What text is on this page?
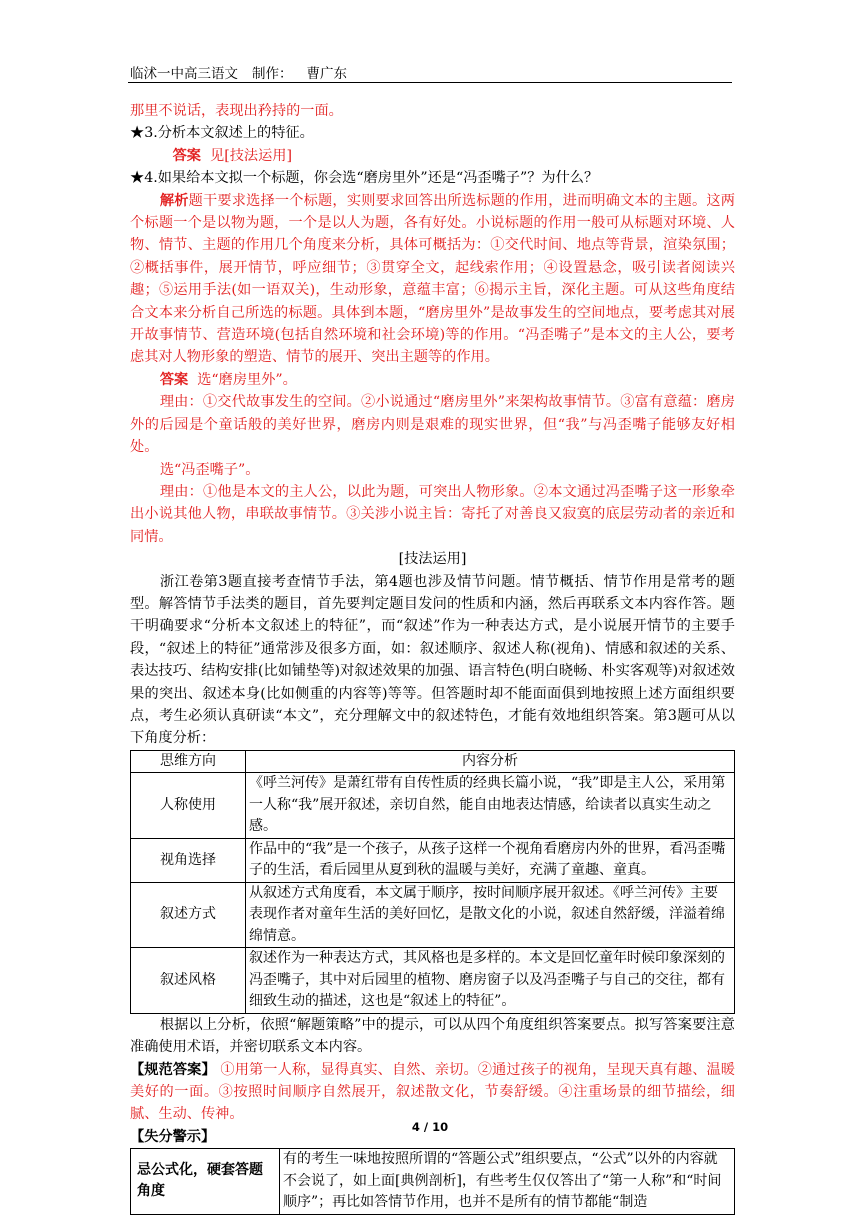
临沭一中高三语文 制作： 曹广东

那里不说话，表现出矜持的一面。

★3.分析本文叙述上的特征。

答案 见[技法运用]

★4.如果给本文拟一个标题，你会选“磨房里外”还是“冯歪嘴子”？为什么？

解析题干要求选择一个标题，实则要求回答出所选标题的作用，进而明确文本的主题。这两个标题一个是以物为题，一个是以人为题，各有好处。小说标题的作用一般可从标题对环境、人物、情节、主题的作用几个角度来分析，具体可概括为：①交代时间、地点等背景，渲染氛围；②概括事件，展开情节，呼应细节；③贯穿全文，起线索作用；④设置悬念，吸引读者阅读兴趣；⑤运用手法(如一语双关)，生动形象，意蕴丰富；⑥揭示主旨，深化主题。可从这些角度结合文本来分析自己所选的标题。具体到本题，“磨房里外”是故事发生的空间地点，要考虑其对展开故事情节、营造环境(包括自然环境和社会环境)等的作用。“冯歪嘴子”是本文的主人公，要考虑其对人物形象的塑造、情节的展开、突出主题等的作用。

答案 选“磨房里外”。

理由：①交代故事发生的空间。②小说通过“磨房里外”来架构故事情节。③富有意蕴：磨房外的后园是个童话般的美好世界，磨房内则是艰难的现实世界，但“我”与冯歪嘴子能够友好相处。

选“冯歪嘴子”。

理由：①他是本文的主人公，以此为题，可突出人物形象。②本文通过冯歪嘴子这一形象牵出小说其他人物，串联故事情节。③关涉小说主旨：寄托了对善良又寂寞的底层劳动者的亲近和同情。

[技法运用]

浙江卷第3题直接考查情节手法，第4题也涉及情节问题。情节概括、情节作用是常考的题型。解答情节手法类的题目，首先要判定题目发问的性质和内涵，然后再联系文本内容作答。题干明确要求“分析本文叙述上的特征”，而“叙述”作为一种表达方式，是小说展开情节的主要手段，“叙述上的特征”通常涉及很多方面，如：叙述顺序、叙述人称(视角)、情感和叙述的关系、表达技巧、结构安排(比如铺垫等)对叙述效果的加强、语言特色(明白晓畅、朴实客观等)对叙述效果的突出、叙述本身(比如侧重的内容等)等等。但答题时却不能面面俱到地按照上述方面组织要点，考生必须认真研读“本文”，充分理解文中的叙述特色，才能有效地组织答案。第3题可从以下角度分析：

思维方向	内容分析
人称使用	《呼兰河传》是萧红带有自传性质的经典长篇小说，“我”即是主人公，采用第一人称“我”展开叙述，亲切自然，能自由地表达情感，给读者以真实生动之感。
视角选择	作品中的“我”是一个孩子，从孩子这样一个视角看磨房内外的世界，看冯歪嘴子的生活，看后园里从夏到秋的温暖与美好，充满了童趣、童真。
叙述方式	从叙述方式角度看，本文属于顺序，按时间顺序展开叙述。《呼兰河传》主要表现作者对童年生活的美好回忆，是散文化的小说，叙述自然舒缓，洋溢着绵绵情意。
叙述风格	叙述作为一种表达方式，其风格也是多样的。本文是回忆童年时候印象深刻的冯歪嘴子，其中对后园里的植物、磨房窗子以及冯歪嘴子与自己的交往，都有细致生动的描述，这也是“叙述上的特征”。

根据以上分析，依照“解题策略”中的提示，可以从四个角度组织答案要点。拟写答案要注意准确使用术语，并密切联系文本内容。

【规范答案】 ①用第一人称，显得真实、自然、亲切。②通过孩子的视角，呈现天真有趣、温暖美好的一面。③按照时间顺序自然展开，叙述散文化，节奏舒缓。④注重场景的细节描绘，细腻、生动、传神。

【失分警示】

忌公式化，硬套答题角度	有的考生一味地按照所谓的“答题公式”组织要点，“公式”以外的内容就不会说了，如上面[典例剖析]，有些考生仅仅答出了“第一人称”和“时间顺序”；再比如答情节作用，也并不是所有的情节都能“制造
4 / 10
